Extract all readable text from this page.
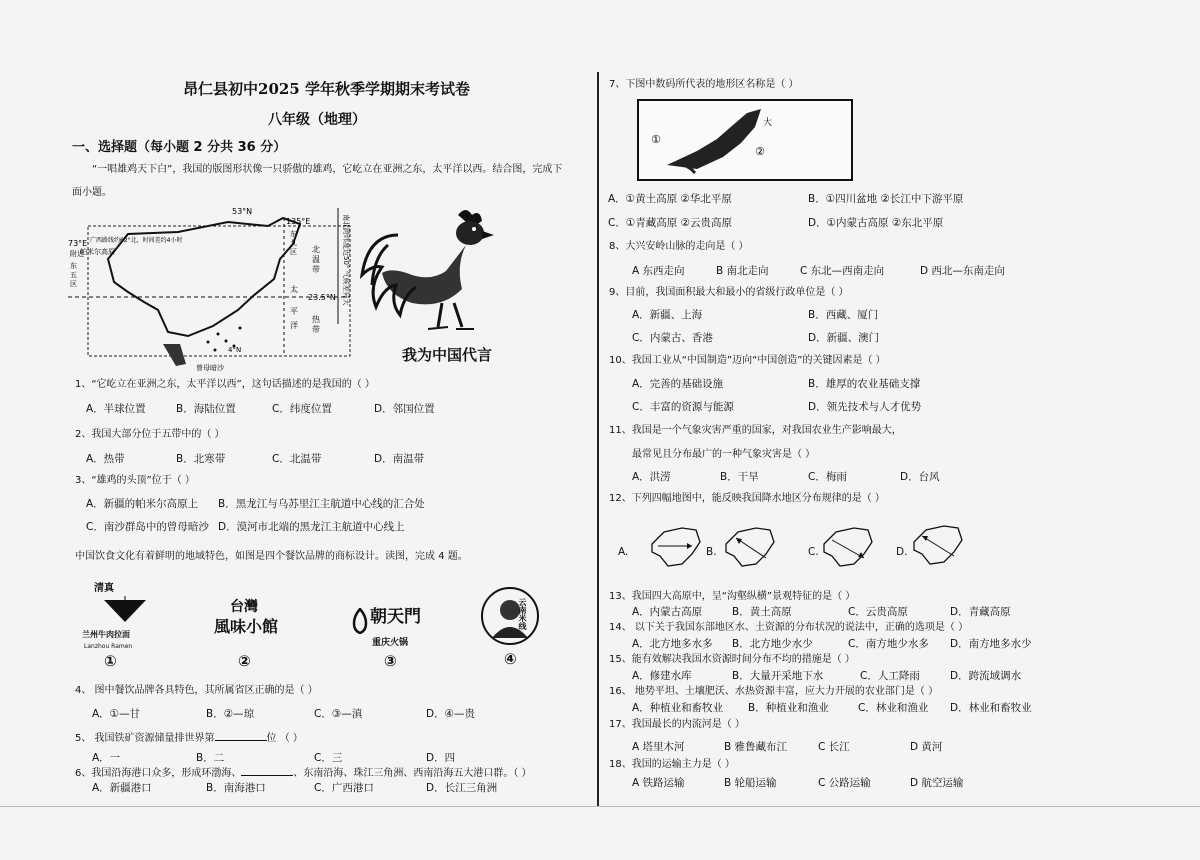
昂仁县初中2025 学年秋季学期期末考试卷
八年级（地理）
一、选择题（每小题 2 分共 36 分）
“一唱雄鸡天下白”，我国的版图形状像一只骄傲的雄鸡，它屹立在亚洲之东，太平洋以西。结合图，完成下
面小题。
53°N
135°E
73°E
23.5°N
4°N
附近
帕米尔高原
广西路线约62°北，时间差约4小时
东
五
区
东
九
区 北
温
带
热
带
太
平
洋
曾母暗沙
南北跨纬度近50° 气候差异大
我为中国代言
1、“它屹立在亚洲之东，太平洋以西”，这句话描述的是我国的（ ）
A．半球位置	B．海陆位置	C．纬度位置	D．邻国位置
2、我国大部分位于五带中的（ ）
A．热带	B．北寒带	C．北温带	D．南温带
3、“雄鸡的头顶”位于（ ）
A．新疆的帕米尔高原上 B．黑龙江与乌苏里江主航道中心线的汇合处
C．南沙群岛中的曾母暗沙 D．漠河市北端的黑龙江主航道中心线上
中国饮食文化有着鲜明的地域特色，如图是四个餐饮品牌的商标设计。读图，完成 4 题。
清真
兰州牛肉拉面
Lanzhou Ramen
①
台灣
風味小館
②
朝天門
重庆火锅
③
云南米线
④
4、 图中餐饮品牌各具特色，其所属省区正确的是（ ）
A．①—甘	B．②—琼	C．③—滇	D．④—贵
5、 我国铁矿资源储量排世界第	位 （ ）
A．一	B．二	C．三	D．四
6、我国沿海港口众多，形成环渤海、	、东南沿海、珠江三角洲、西南沿海五大港口群。（ ）
A．新疆港口	B．南海港口	C．广西港口	D．长江三角洲
7、下图中数码所代表的地形区名称是（ ）
①
②
大
A．①黄土高原 ②华北平原	B．①四川盆地 ②长江中下游平原
C．①青藏高原 ②云贵高原	D．①内蒙古高原 ②东北平原
8、大兴安岭山脉的走向是（ ）
A 东西走向	B 南北走向	C 东北—西南走向	D 西北—东南走向
9、目前，我国面积最大和最小的省级行政单位是（ ）
A．新疆、上海	B．西藏、厦门
C．内蒙古、香港	D．新疆、澳门
10、我国工业从“中国制造”迈向“中国创造”的关键因素是（ ）
A．完善的基础设施	B．雄厚的农业基础支撑
C．丰富的资源与能源	D．领先技术与人才优势
11、我国是一个气象灾害严重的国家，对我国农业生产影响最大，
最常见且分布最广的一种气象灾害是（ ）
A．洪涝	B．干旱	C．梅雨	D．台风
12、下列四幅地图中，能反映我国降水地区分布规律的是（ ）
A.	B.	C.	D.
13、我国四大高原中，呈“沟壑纵横”景观特征的是（ ）
A．内蒙古高原	B．黄土高原	C．云贵高原	D．青藏高原
14、 以下关于我国东部地区水、土资源的分布状况的说法中，正确的选项是（ ）
A．北方地多水多 B．北方地少水少	C．南方地少水多 D．南方地多水少
15、能有效解决我国水资源时间分布不均的措施是（ ）
A．修建水库	B．大量开采地下水	C．人工降雨	D．跨流域调水
16、 地势平坦、土壤肥沃、水热资源丰富，应大力开展的农业部门是（ ）
A．种植业和畜牧业 B．种植业和渔业	C．林业和渔业 D．林业和畜牧业
17、我国最长的内流河是（ ）
A 塔里木河	B 雅鲁藏布江	C 长江	D 黄河
18、我国的运输主力是（ ）
A 铁路运输	B 轮船运输	C 公路运输	D 航空运输
